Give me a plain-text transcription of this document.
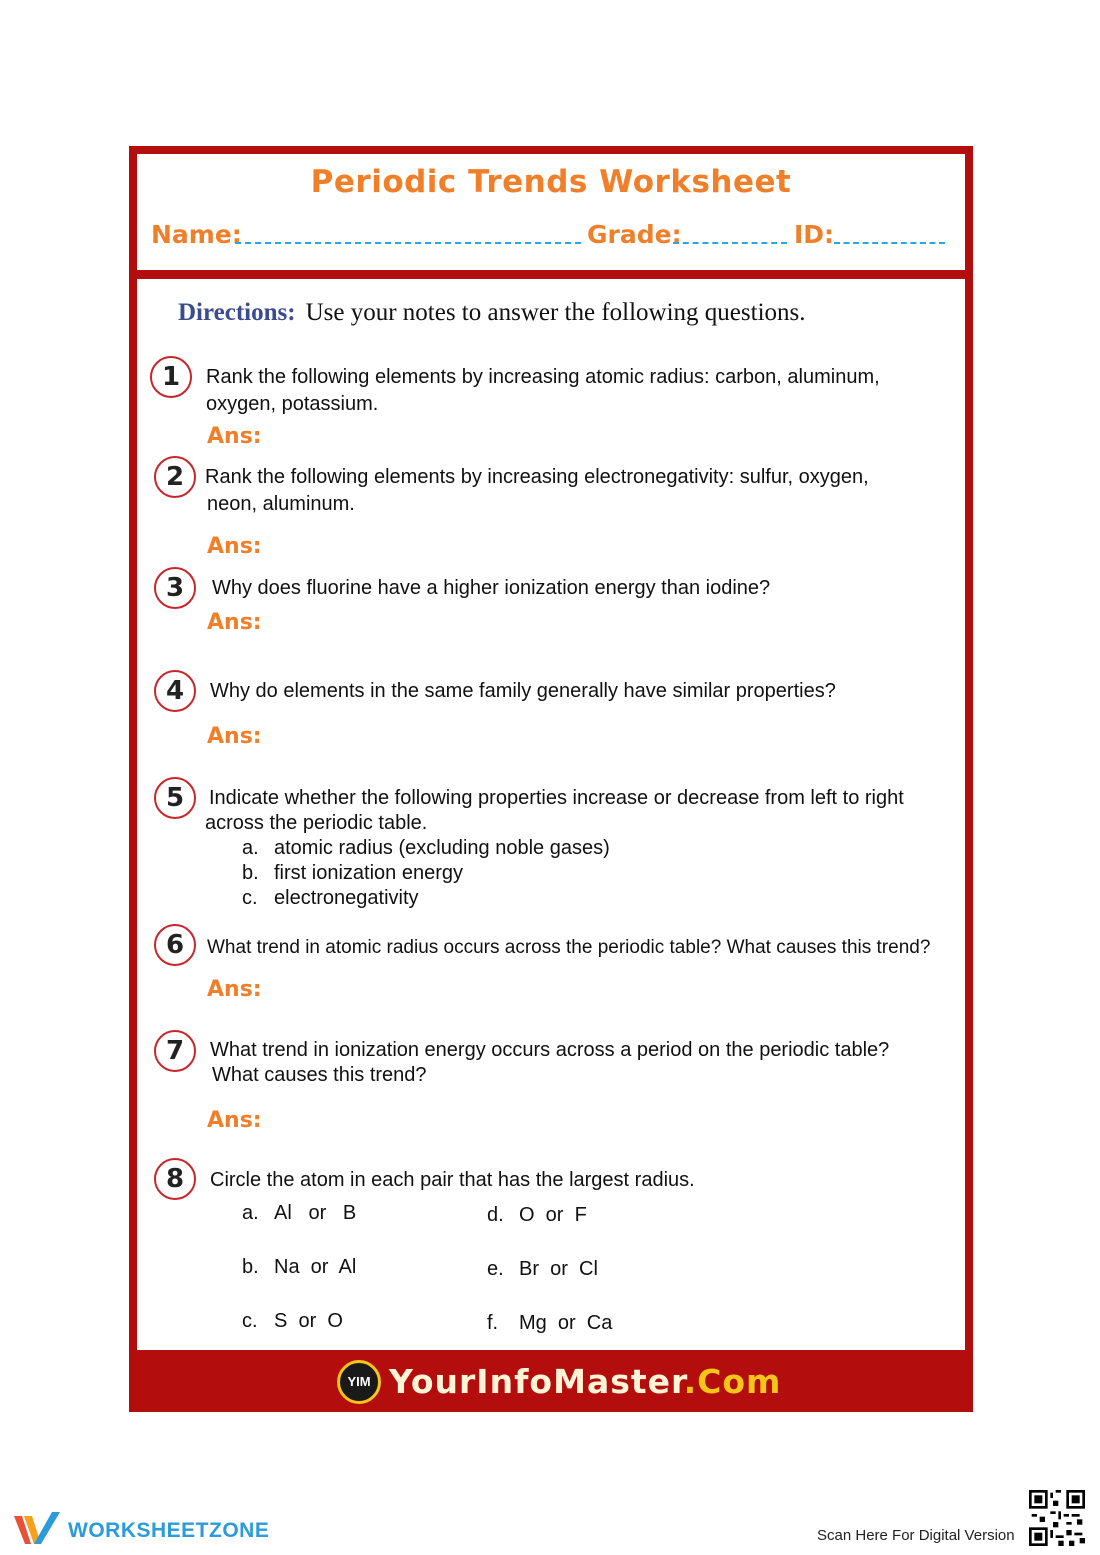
Periodic Trends Worksheet
Name:	Grade:	ID:
Directions: Use your notes to answer the following questions.
1	Rank the following elements by increasing atomic radius: carbon, aluminum,
oxygen, potassium.
Ans:
2	Rank the following elements by increasing electronegativity: sulfur, oxygen,
neon, aluminum.
Ans:
3	Why does fluorine have a higher ionization energy than iodine?
Ans:
4	Why do elements in the same family generally have similar properties?
Ans:
5	Indicate whether the following properties increase or decrease from left to right
across the periodic table.
a. atomic radius (excluding noble gases)
b. first ionization energy
c. electronegativity
6	What trend in atomic radius occurs across the periodic table? What causes this trend?
Ans:
7	What trend in ionization energy occurs across a period on the periodic table?
What causes this trend?
Ans:
8	Circle the atom in each pair that has the largest radius.
a. Al   or   B
b. Na  or  Al
c. S  or  O
d. O  or  F
e. Br  or  Cl
f. Mg  or  Ca
YIM YourInfoMaster.Com
WORKSHEETZONE	Scan Here For Digital Version
